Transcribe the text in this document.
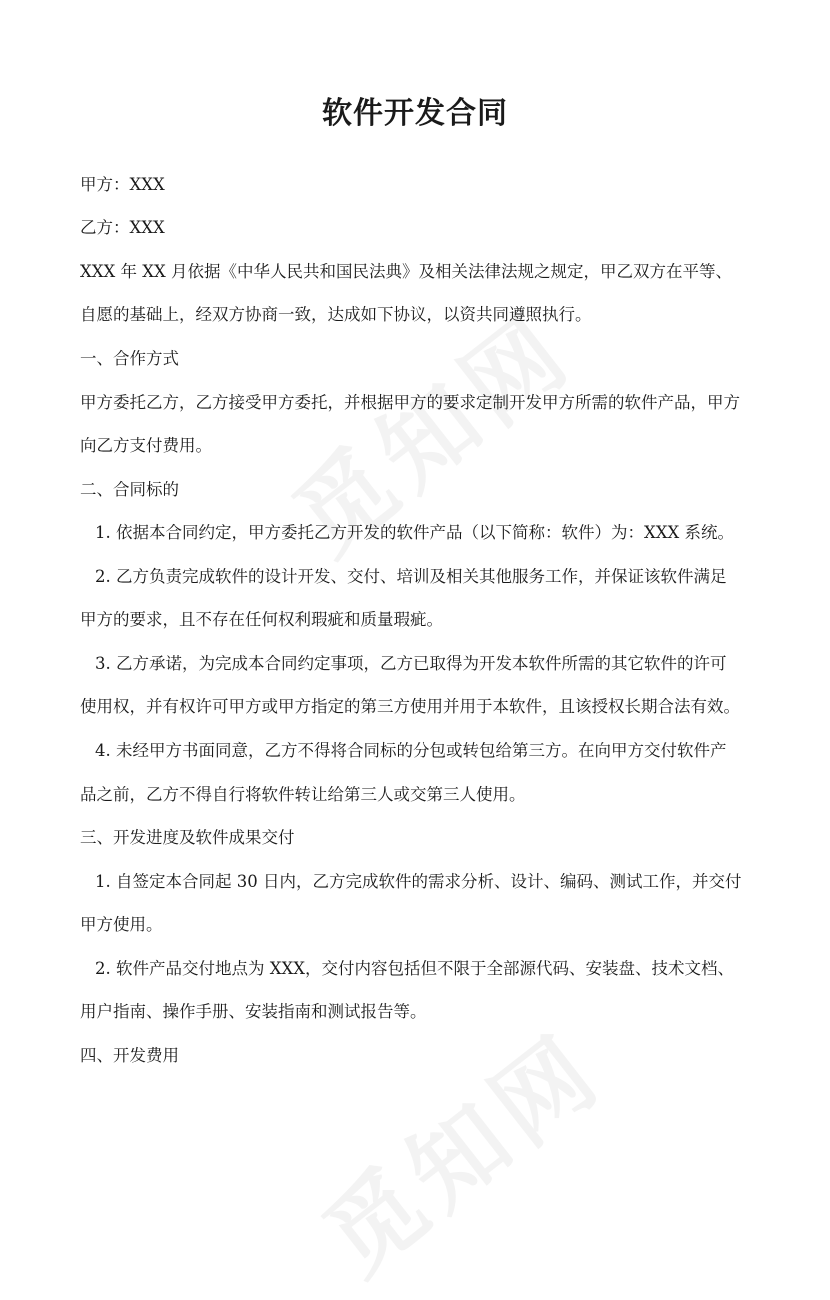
软件开发合同

甲方：XXX

乙方：XXX

XXX 年 XX 月依据《中华人民共和国民法典》及相关法律法规之规定，甲乙双方在平等、

自愿的基础上，经双方协商一致，达成如下协议，以资共同遵照执行。

一、合作方式

甲方委托乙方，乙方接受甲方委托，并根据甲方的要求定制开发甲方所需的软件产品，甲方

向乙方支付费用。

二、合同标的

1. 依据本合同约定，甲方委托乙方开发的软件产品（以下简称：软件）为：XXX 系统。

2. 乙方负责完成软件的设计开发、交付、培训及相关其他服务工作，并保证该软件满足

甲方的要求，且不存在任何权利瑕疵和质量瑕疵。

3. 乙方承诺，为完成本合同约定事项，乙方已取得为开发本软件所需的其它软件的许可

使用权，并有权许可甲方或甲方指定的第三方使用并用于本软件，且该授权长期合法有效。

4. 未经甲方书面同意，乙方不得将合同标的分包或转包给第三方。在向甲方交付软件产

品之前，乙方不得自行将软件转让给第三人或交第三人使用。

三、开发进度及软件成果交付

1. 自签定本合同起 30 日内，乙方完成软件的需求分析、设计、编码、测试工作，并交付

甲方使用。

2. 软件产品交付地点为 XXX，交付内容包括但不限于全部源代码、安装盘、技术文档、

用户指南、操作手册、安装指南和测试报告等。

四、开发费用
